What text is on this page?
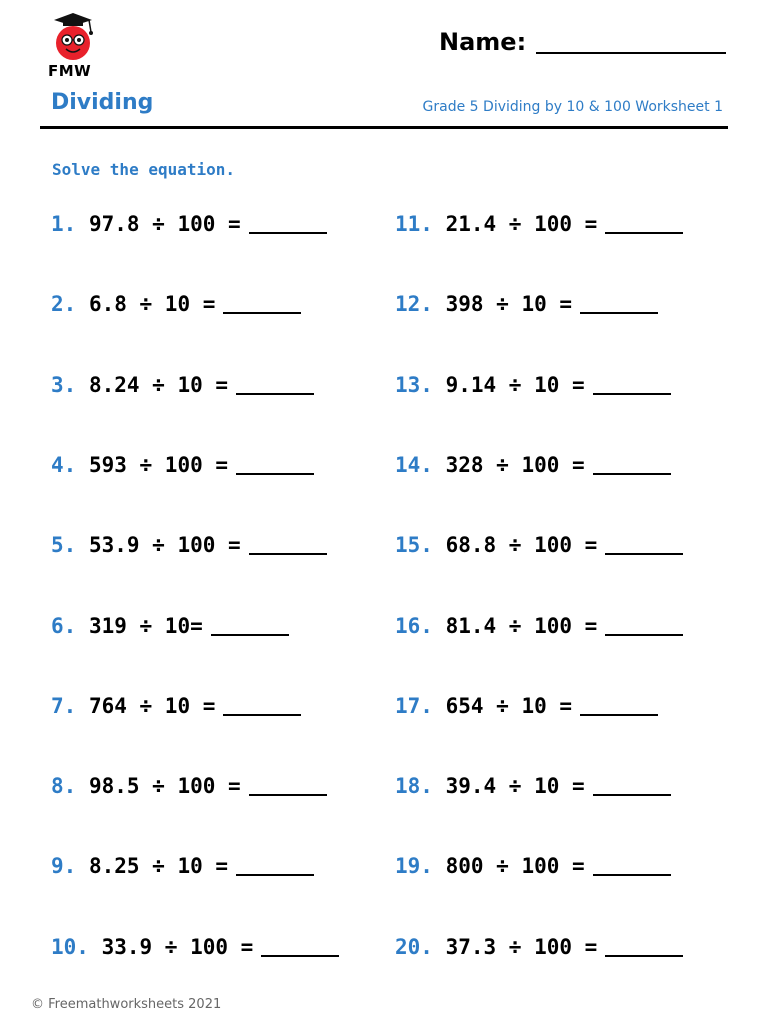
FMW
Name:
Dividing	Grade 5 Dividing by 10 & 100 Worksheet 1
Solve the equation.
1. 97.8 ÷ 100 =
2. 6.8 ÷ 10 =
3. 8.24 ÷ 10 =
4. 593 ÷ 100 =
5. 53.9 ÷ 100 =
6. 319 ÷ 10=
7. 764 ÷ 10 =
8. 98.5 ÷ 100 =
9. 8.25 ÷ 10 =
10. 33.9 ÷ 100 =
11. 21.4 ÷ 100 =
12. 398 ÷ 10 =
13. 9.14 ÷ 10 =
14. 328 ÷ 100 =
15. 68.8 ÷ 100 =
16. 81.4 ÷ 100 =
17. 654 ÷ 10 =
18. 39.4 ÷ 10 =
19. 800 ÷ 100 =
20. 37.3 ÷ 100 =
© Freemathworksheets 2021
